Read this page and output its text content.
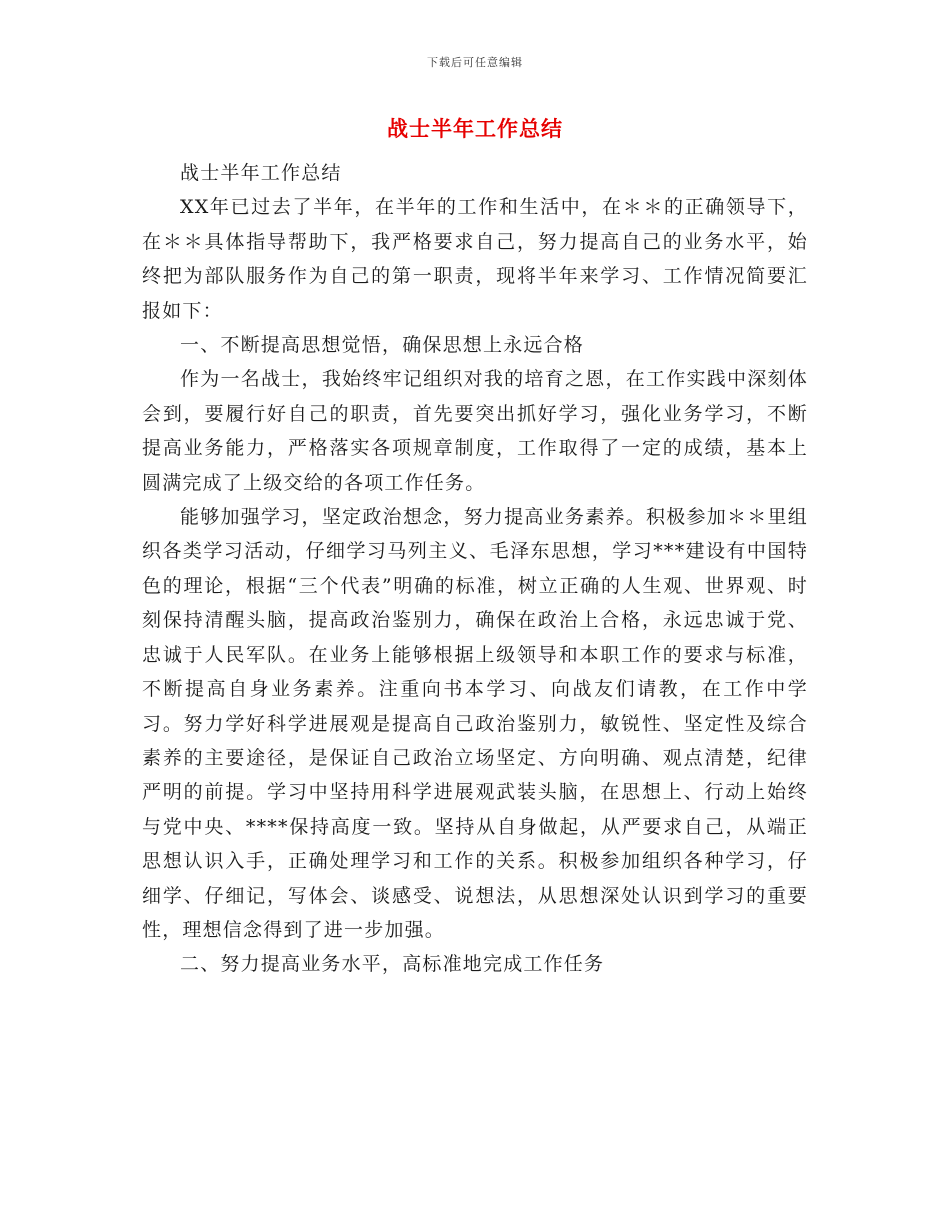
下载后可任意编辑
战士半年工作总结

战士半年工作总结

XX年已过去了半年，在半年的工作和生活中，在＊＊的正确领导下，在＊＊具体指导帮助下，我严格要求自己，努力提高自己的业务水平，始终把为部队服务作为自己的第一职责，现将半年来学习、工作情况简要汇报如下：

一、不断提高思想觉悟，确保思想上永远合格

作为一名战士，我始终牢记组织对我的培育之恩，在工作实践中深刻体会到，要履行好自己的职责，首先要突出抓好学习，强化业务学习，不断提高业务能力，严格落实各项规章制度，工作取得了一定的成绩，基本上圆满完成了上级交给的各项工作任务。

能够加强学习，坚定政治想念，努力提高业务素养。积极参加＊＊里组织各类学习活动，仔细学习马列主义、毛泽东思想，学习***建设有中国特色的理论，根据“三个代表”明确的标准，树立正确的人生观、世界观、时刻保持清醒头脑，提高政治鉴别力，确保在政治上合格，永远忠诚于党、忠诚于人民军队。在业务上能够根据上级领导和本职工作的要求与标准，不断提高自身业务素养。注重向书本学习、向战友们请教，在工作中学习。努力学好科学进展观是提高自己政治鉴别力，敏锐性、坚定性及综合素养的主要途径，是保证自己政治立场坚定、方向明确、观点清楚，纪律严明的前提。学习中坚持用科学进展观武装头脑，在思想上、行动上始终与党中央、****保持高度一致。坚持从自身做起，从严要求自己，从端正思想认识入手，正确处理学习和工作的关系。积极参加组织各种学习，仔细学、仔细记，写体会、谈感受、说想法，从思想深处认识到学习的重要性，理想信念得到了进一步加强。

二、努力提高业务水平，高标准地完成工作任务
